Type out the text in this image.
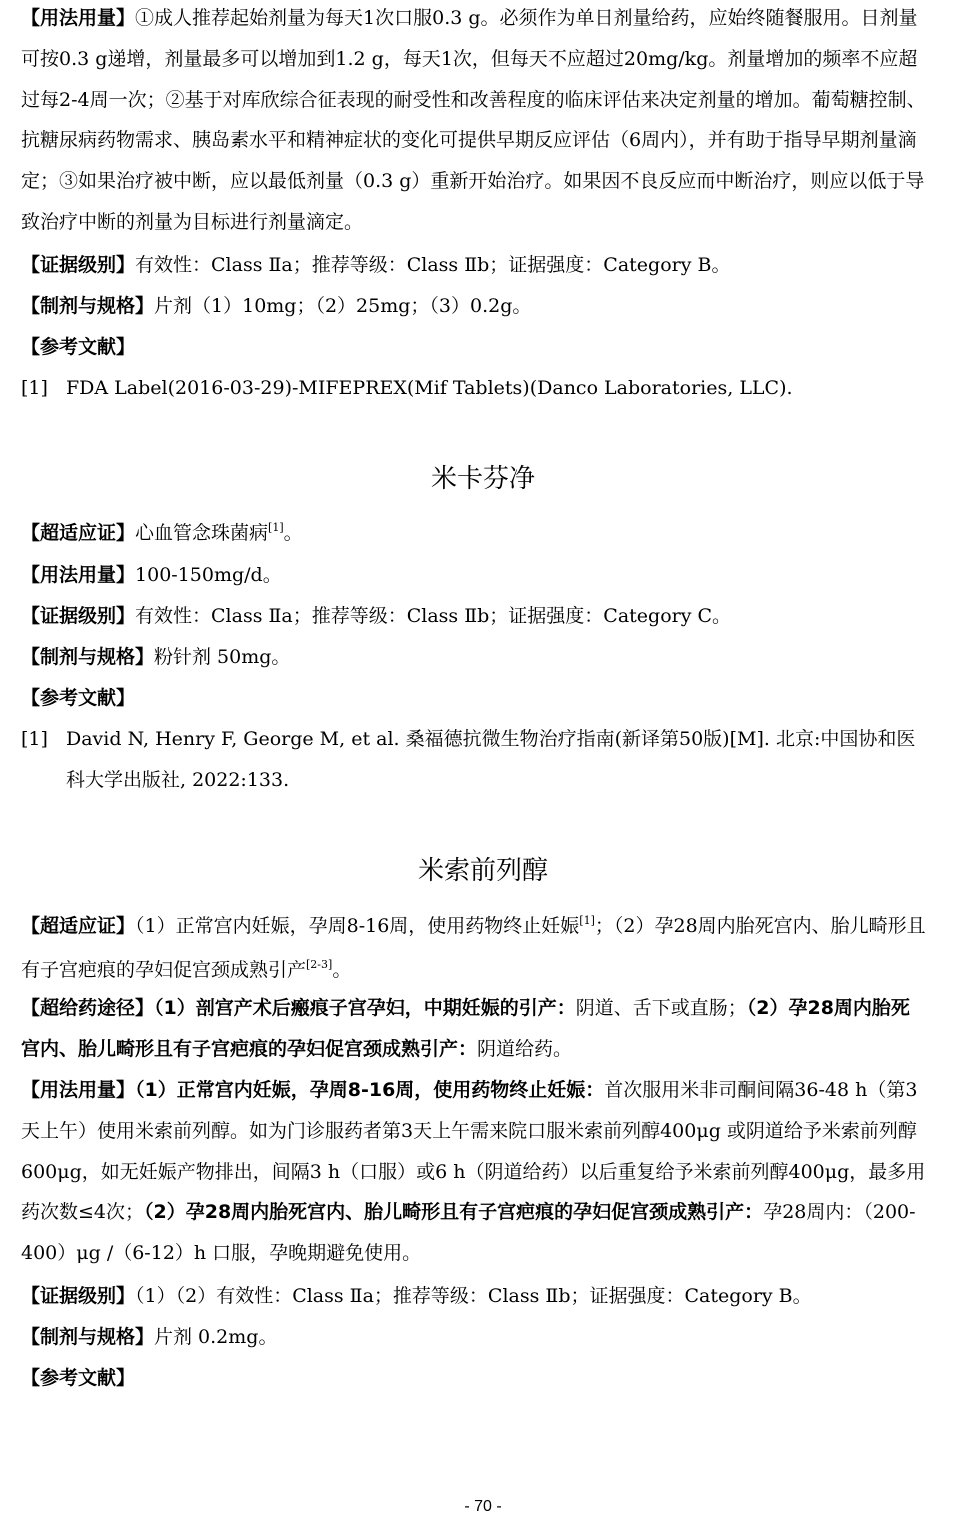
【用法用量】①成人推荐起始剂量为每天1次口服0.3 g。必须作为单日剂量给药，应始终随餐服用。日剂量可按0.3 g递增，剂量最多可以增加到1.2 g，每天1次，但每天不应超过20mg/kg。剂量增加的频率不应超过每2-4周一次；②基于对库欣综合征表现的耐受性和改善程度的临床评估来决定剂量的增加。葡萄糖控制、抗糖尿病药物需求、胰岛素水平和精神症状的变化可提供早期反应评估（6周内），并有助于指导早期剂量滴定；③如果治疗被中断，应以最低剂量（0.3 g）重新开始治疗。如果因不良反应而中断治疗，则应以低于导致治疗中断的剂量为目标进行剂量滴定。

【证据级别】有效性：Class Ⅱa；推荐等级：Class Ⅱb；证据强度：Category B。

【制剂与规格】片剂（1）10mg；（2）25mg；（3）0.2g。

【参考文献】

[1] FDA Label(2016-03-29)-MIFEPREX(Mif Tablets)(Danco Laboratories, LLC).

米卡芬净

【超适应证】心血管念珠菌病[1]。

【用法用量】100-150mg/d。

【证据级别】有效性：Class Ⅱa；推荐等级：Class Ⅱb；证据强度：Category C。

【制剂与规格】粉针剂 50mg。

【参考文献】

[1] David N, Henry F, George M, et al. 桑福德抗微生物治疗指南(新译第50版)[M]. 北京:中国协和医科大学出版社, 2022:133.

米索前列醇

【超适应证】（1）正常宫内妊娠，孕周8-16周，使用药物终止妊娠[1]；（2）孕28周内胎死宫内、胎儿畸形且有子宫疤痕的孕妇促宫颈成熟引产[2-3]。

【超给药途径】（1）剖宫产术后瘢痕子宫孕妇，中期妊娠的引产：阴道、舌下或直肠；（2）孕28周内胎死宫内、胎儿畸形且有子宫疤痕的孕妇促宫颈成熟引产：阴道给药。

【用法用量】（1）正常宫内妊娠，孕周8-16周，使用药物终止妊娠：首次服用米非司酮间隔36-48 h（第3天上午）使用米索前列醇。如为门诊服药者第3天上午需来院口服米索前列醇400μg 或阴道给予米索前列醇600μg，如无妊娠产物排出，间隔3 h（口服）或6 h（阴道给药）以后重复给予米索前列醇400μg，最多用药次数≤4次；（2）孕28周内胎死宫内、胎儿畸形且有子宫疤痕的孕妇促宫颈成熟引产：孕28周内：（200-400）μg /（6-12）h 口服，孕晚期避免使用。

【证据级别】（1）（2）有效性：Class Ⅱa；推荐等级：Class Ⅱb；证据强度：Category B。

【制剂与规格】片剂 0.2mg。

【参考文献】

- 70 -
